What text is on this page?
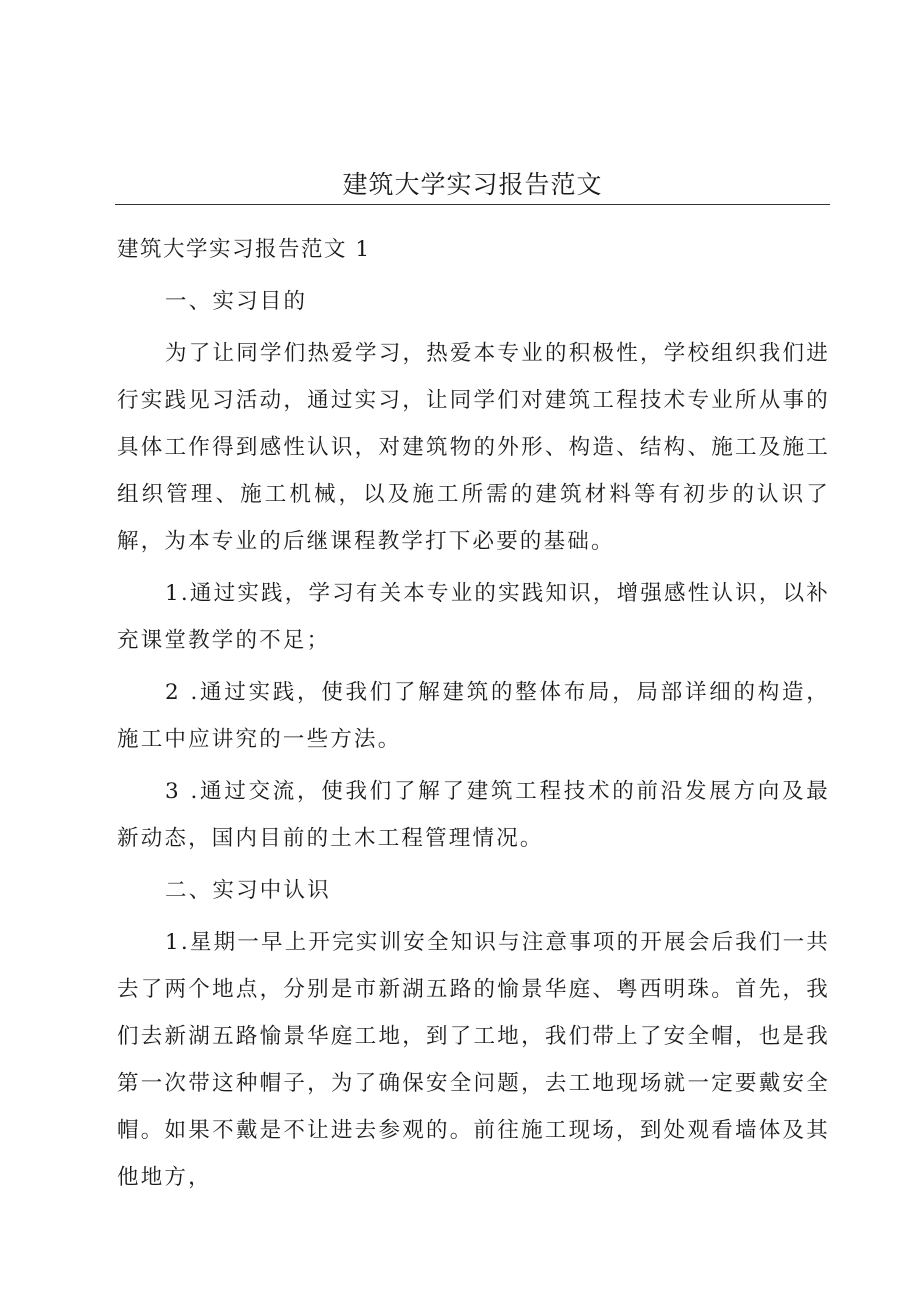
建筑大学实习报告范文

建筑大学实习报告范文 1

一、实习目的

为了让同学们热爱学习，热爱本专业的积极性，学校组织我们进行实践见习活动，通过实习，让同学们对建筑工程技术专业所从事的具体工作得到感性认识，对建筑物的外形、构造、结构、施工及施工组织管理、施工机械，以及施工所需的建筑材料等有初步的认识了解，为本专业的后继课程教学打下必要的基础。

1.通过实践，学习有关本专业的实践知识，增强感性认识，以补充课堂教学的不足；

2 .通过实践，使我们了解建筑的整体布局，局部详细的构造，施工中应讲究的一些方法。

3 .通过交流，使我们了解了建筑工程技术的前沿发展方向及最新动态，国内目前的土木工程管理情况。

二、实习中认识

1.星期一早上开完实训安全知识与注意事项的开展会后我们一共去了两个地点，分别是市新湖五路的愉景华庭、粤西明珠。首先，我们去新湖五路愉景华庭工地，到了工地，我们带上了安全帽，也是我第一次带这种帽子，为了确保安全问题，去工地现场就一定要戴安全帽。如果不戴是不让进去参观的。前往施工现场，到处观看墙体及其他地方，
